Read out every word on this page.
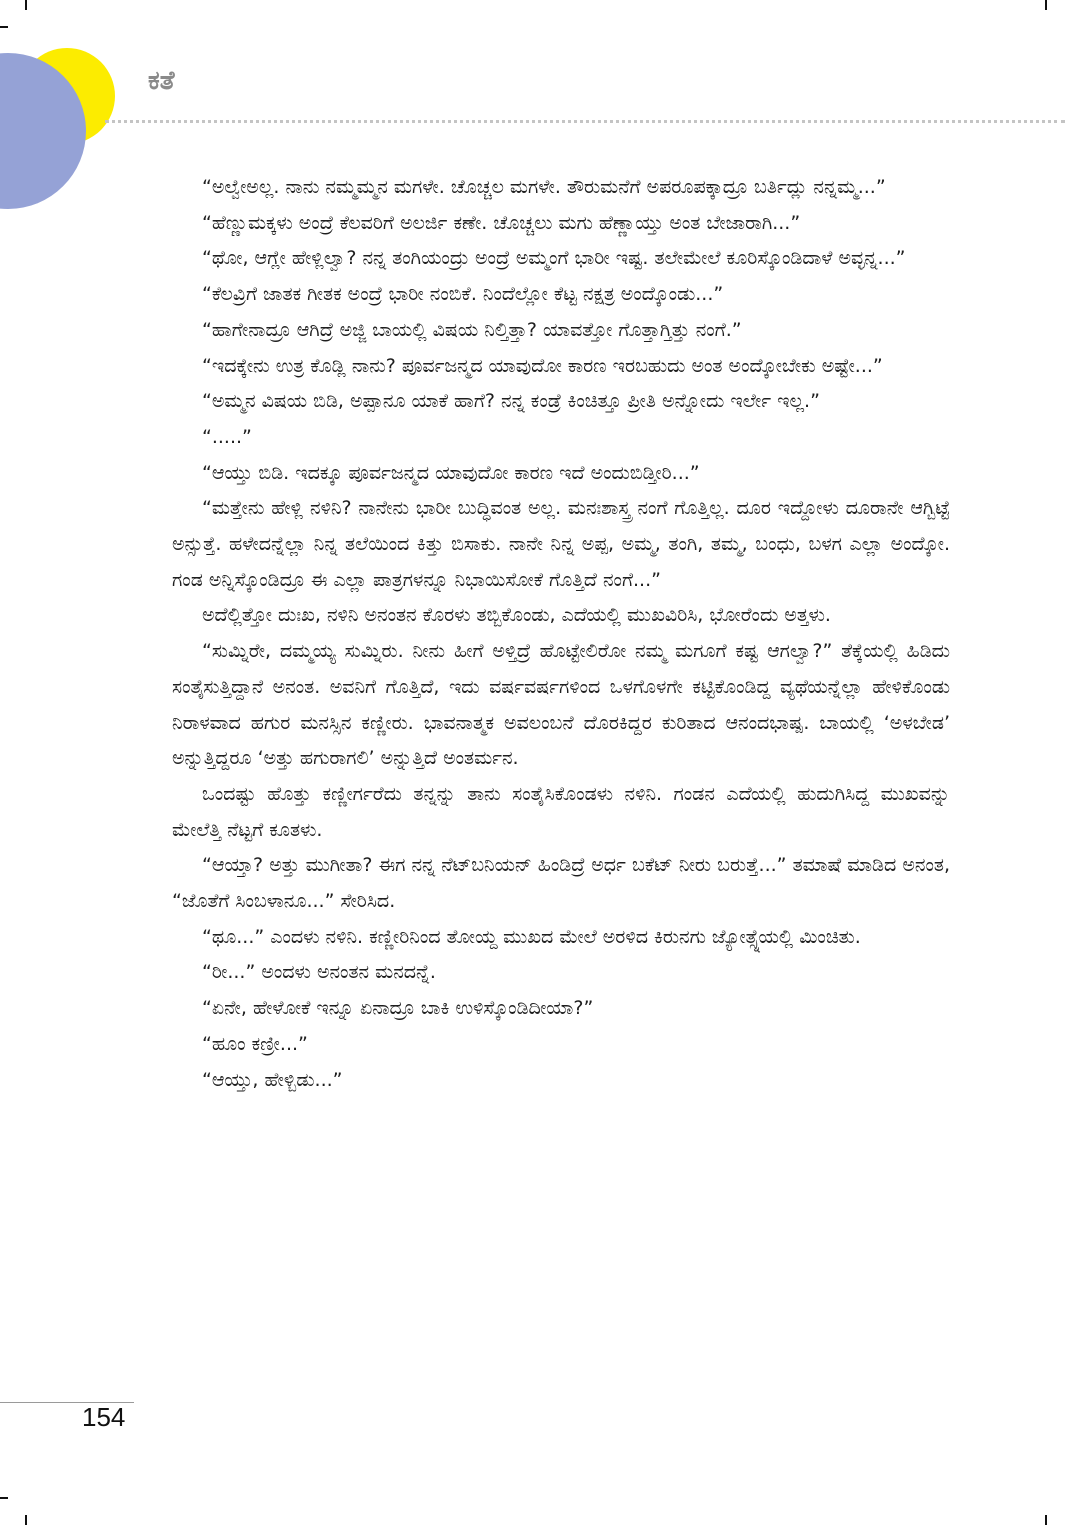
ಕತೆ

“ಅಲ್ವೇಅಲ್ಲ. ನಾನು ನಮ್ಮಮ್ಮನ ಮಗಳೇ. ಚೊಚ್ಚಲ ಮಗಳೇ. ತೌರುಮನೆಗೆ ಅಪರೂಪಕ್ಕಾದ್ರೂ ಬರ್ತಿದ್ಲು ನನ್ನಮ್ಮ...”

“ಹೆಣ್ಣುಮಕ್ಕಳು ಅಂದ್ರೆ ಕೆಲವರಿಗೆ ಅಲರ್ಜಿ ಕಣೇ. ಚೊಚ್ಚಲು ಮಗು ಹೆಣ್ಣಾಯ್ತು ಅಂತ ಬೇಜಾರಾಗಿ...”

“ಥೋ, ಆಗ್ಲೇ ಹೇಳ್ಲಿಲ್ವಾ? ನನ್ನ ತಂಗಿಯಂದ್ರು ಅಂದ್ರೆ ಅಮ್ಮಂಗೆ ಭಾರೀ ಇಷ್ಟ. ತಲೇಮೇಲೆ ಕೂರಿಸ್ಕೊಂಡಿದಾಳೆ ಅವ್ಳನ್ನ...”

“ಕೆಲವ್ರಿಗೆ ಜಾತಕ ಗೀತಕ ಅಂದ್ರೆ ಭಾರೀ ನಂಬಿಕೆ. ನಿಂದೆಲ್ಲೋ ಕೆಟ್ಟ ನಕ್ಷತ್ರ ಅಂದ್ಕೊಂಡು...”

“ಹಾಗೇನಾದ್ರೂ ಆಗಿದ್ರೆ ಅಜ್ಜಿ ಬಾಯಲ್ಲಿ ವಿಷಯ ನಿಲ್ತಿತ್ತಾ? ಯಾವತ್ತೋ ಗೊತ್ತಾಗ್ತಿತ್ತು ನಂಗೆ.”

“ಇದಕ್ಕೇನು ಉತ್ರ ಕೊಡ್ಲಿ ನಾನು? ಪೂರ್ವಜನ್ಮದ ಯಾವುದೋ ಕಾರಣ ಇರಬಹುದು ಅಂತ ಅಂದ್ಕೋಬೇಕು ಅಷ್ಟೇ...”

“ಅಮ್ಮನ ವಿಷಯ ಬಿಡಿ, ಅಪ್ಪಾನೂ ಯಾಕೆ ಹಾಗೆ? ನನ್ನ ಕಂಡ್ರೆ ಕಿಂಚಿತ್ತೂ ಪ್ರೀತಿ ಅನ್ನೋದು ಇರ್ಲೇ ಇಲ್ಲ.”

“.....”

“ಆಯ್ತು ಬಿಡಿ. ಇದಕ್ಕೂ ಪೂರ್ವಜನ್ಮದ ಯಾವುದೋ ಕಾರಣ ಇದೆ ಅಂದುಬಿಡ್ತೀರಿ...”

“ಮತ್ತೇನು ಹೇಳ್ಲಿ ನಳಿನಿ? ನಾನೇನು ಭಾರೀ ಬುದ್ಧಿವಂತ ಅಲ್ಲ. ಮನಃಶಾಸ್ತ್ರ ನಂಗೆ ಗೊತ್ತಿಲ್ಲ. ದೂರ ಇದ್ದೋಳು ದೂರಾನೇ ಆಗ್ಬಿಟ್ಟೆ ಅನ್ಸುತ್ತೆ. ಹಳೇದನ್ನೆಲ್ಲಾ ನಿನ್ನ ತಲೆಯಿಂದ ಕಿತ್ತು ಬಿಸಾಕು. ನಾನೇ ನಿನ್ನ ಅಪ್ಪ, ಅಮ್ಮ, ತಂಗಿ, ತಮ್ಮ, ಬಂಧು, ಬಳಗ ಎಲ್ಲಾ ಅಂದ್ಕೋ. ಗಂಡ ಅನ್ನಿಸ್ಕೊಂಡಿದ್ರೂ ಈ ಎಲ್ಲಾ ಪಾತ್ರಗಳನ್ನೂ ನಿಭಾಯಿಸೋಕೆ ಗೊತ್ತಿದೆ ನಂಗೆ...”

ಅದೆಲ್ಲಿತ್ತೋ ದುಃಖ, ನಳಿನಿ ಅನಂತನ ಕೊರಳು ತಬ್ಬಿಕೊಂಡು, ಎದೆಯಲ್ಲಿ ಮುಖವಿರಿಸಿ, ಭೋರೆಂದು ಅತ್ತಳು.

“ಸುಮ್ನಿರೇ, ದಮ್ಮಯ್ಯ ಸುಮ್ನಿರು. ನೀನು ಹೀಗೆ ಅಳ್ತಿದ್ರೆ ಹೊಟ್ಟೇಲಿರೋ ನಮ್ಮ ಮಗೂಗೆ ಕಷ್ಟ ಆಗಲ್ವಾ?” ತೆಕ್ಕೆಯಲ್ಲಿ ಹಿಡಿದು ಸಂತೈಸುತ್ತಿದ್ದಾನೆ ಅನಂತ. ಅವನಿಗೆ ಗೊತ್ತಿದೆ, ಇದು ವರ್ಷವರ್ಷಗಳಿಂದ ಒಳಗೊಳಗೇ ಕಟ್ಟಿಕೊಂಡಿದ್ದ ವ್ಯಥೆಯನ್ನೆಲ್ಲಾ ಹೇಳಿಕೊಂಡು ನಿರಾಳವಾದ ಹಗುರ ಮನಸ್ಸಿನ ಕಣ್ಣೀರು. ಭಾವನಾತ್ಮಕ ಅವಲಂಬನೆ ದೊರಕಿದ್ದರ ಕುರಿತಾದ ಆನಂದಭಾಷ್ಪ. ಬಾಯಲ್ಲಿ ‘ಅಳಬೇಡ’ ಅನ್ನುತ್ತಿದ್ದರೂ ‘ಅತ್ತು ಹಗುರಾಗಲಿ’ ಅನ್ನುತ್ತಿದೆ ಅಂತರ್ಮನ.

ಒಂದಷ್ಟು ಹೊತ್ತು ಕಣ್ಣೀರ್ಗರೆದು ತನ್ನನ್ನು ತಾನು ಸಂತೈಸಿಕೊಂಡಳು ನಳಿನಿ. ಗಂಡನ ಎದೆಯಲ್ಲಿ ಹುದುಗಿಸಿದ್ದ ಮುಖವನ್ನು ಮೇಲೆತ್ತಿ ನೆಟ್ಟಗೆ ಕೂತಳು.

“ಆಯ್ತಾ? ಅತ್ತು ಮುಗೀತಾ? ಈಗ ನನ್ನ ನೆಟ್‌ಬನಿಯನ್ ಹಿಂಡಿದ್ರೆ ಅರ್ಧ ಬಕೆಟ್ ನೀರು ಬರುತ್ತೆ...” ತಮಾಷೆ ಮಾಡಿದ ಅನಂತ, “ಜೊತೆಗೆ ಸಿಂಬಳಾನೂ...” ಸೇರಿಸಿದ.

“ಥೂ...” ಎಂದಳು ನಳಿನಿ. ಕಣ್ಣೀರಿನಿಂದ ತೋಯ್ದ ಮುಖದ ಮೇಲೆ ಅರಳಿದ ಕಿರುನಗು ಜ್ಯೋತ್ಸ್ನೆಯಲ್ಲಿ ಮಿಂಚಿತು.

“ರೀ...” ಅಂದಳು ಅನಂತನ ಮನದನ್ನೆ.

“ಏನೇ, ಹೇಳೋಕೆ ಇನ್ನೂ ಏನಾದ್ರೂ ಬಾಕಿ ಉಳಿಸ್ಕೊಂಡಿದೀಯಾ?”

“ಹೂಂ ಕಣ್ರೀ...”

“ಆಯ್ತು, ಹೇಳ್ಬಿಡು...”

154
